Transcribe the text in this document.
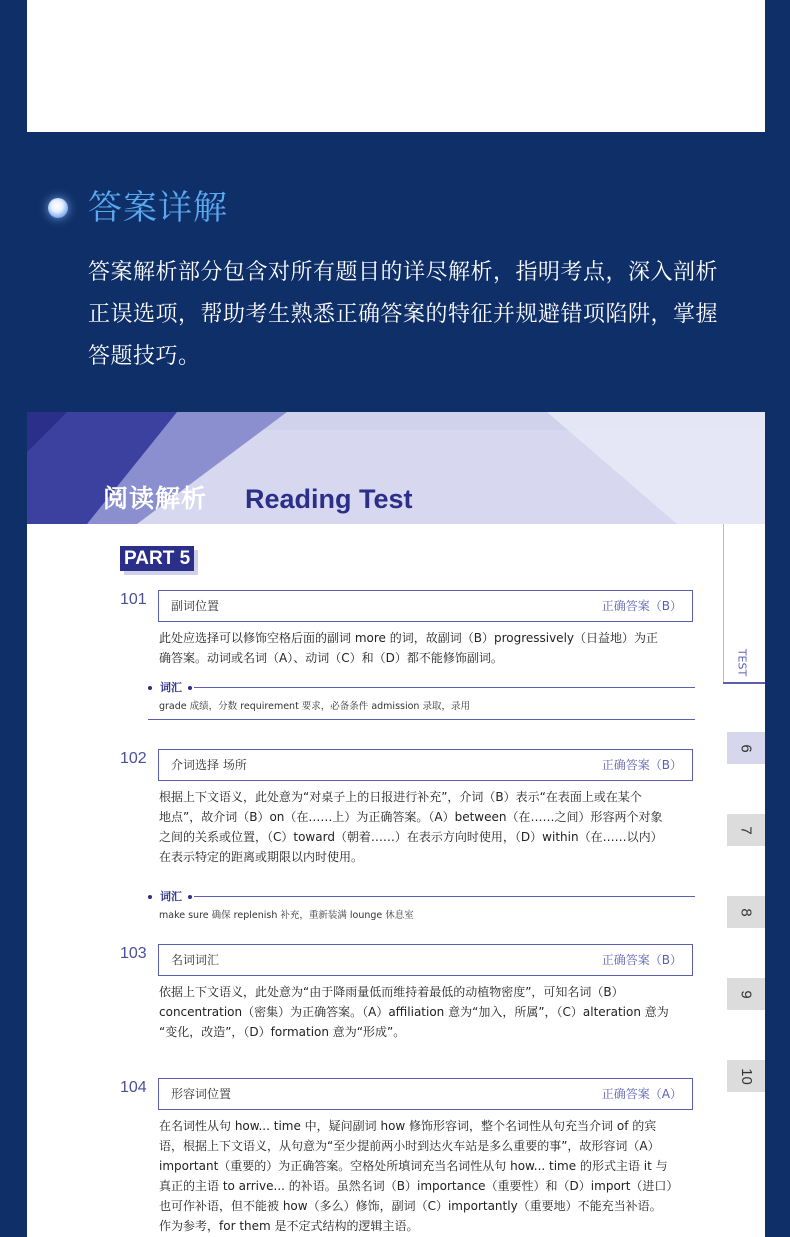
答案详解
答案解析部分包含对所有题目的详尽解析，指明考点，深入剖析正误选项，帮助考生熟悉正确答案的特征并规避错项陷阱，掌握答题技巧。
阅读解析 Reading Test
TEST
6
7
8
9
10
PART 5
101 副词位置	正确答案（B）
此处应选择可以修饰空格后面的副词 more 的词，故副词（B）progressively（日益地）为正
确答案。动词或名词（A）、动词（C）和（D）都不能修饰副词。
词汇
grade 成绩，分数 requirement 要求，必备条件 admission 录取，录用
102 介词选择 场所	正确答案（B）
根据上下文语义，此处意为“对桌子上的日报进行补充”，介词（B）表示“在表面上或在某个
地点”，故介词（B）on（在……上）为正确答案。（A）between（在……之间）形容两个对象
之间的关系或位置，（C）toward（朝着……）在表示方向时使用，（D）within（在……以内）
在表示特定的距离或期限以内时使用。
词汇
make sure 确保 replenish 补充，重新装满 lounge 休息室
103 名词词汇	正确答案（B）
依据上下文语义，此处意为“由于降雨量低而维持着最低的动植物密度”，可知名词（B）
concentration（密集）为正确答案。（A）affiliation 意为“加入，所属”，（C）alteration 意为
“变化，改造”，（D）formation 意为“形成”。
104 形容词位置	正确答案（A）
在名词性从句 how... time 中，疑问副词 how 修饰形容词，整个名词性从句充当介词 of 的宾
语，根据上下文语义，从句意为“至少提前两小时到达火车站是多么重要的事”，故形容词（A）
important（重要的）为正确答案。空格处所填词充当名词性从句 how... time 的形式主语 it 与
真正的主语 to arrive... 的补语。虽然名词（B）importance（重要性）和（D）import（进口）
也可作补语，但不能被 how（多么）修饰，副词（C）importantly（重要地）不能充当补语。
作为参考，for them 是不定式结构的逻辑主语。
